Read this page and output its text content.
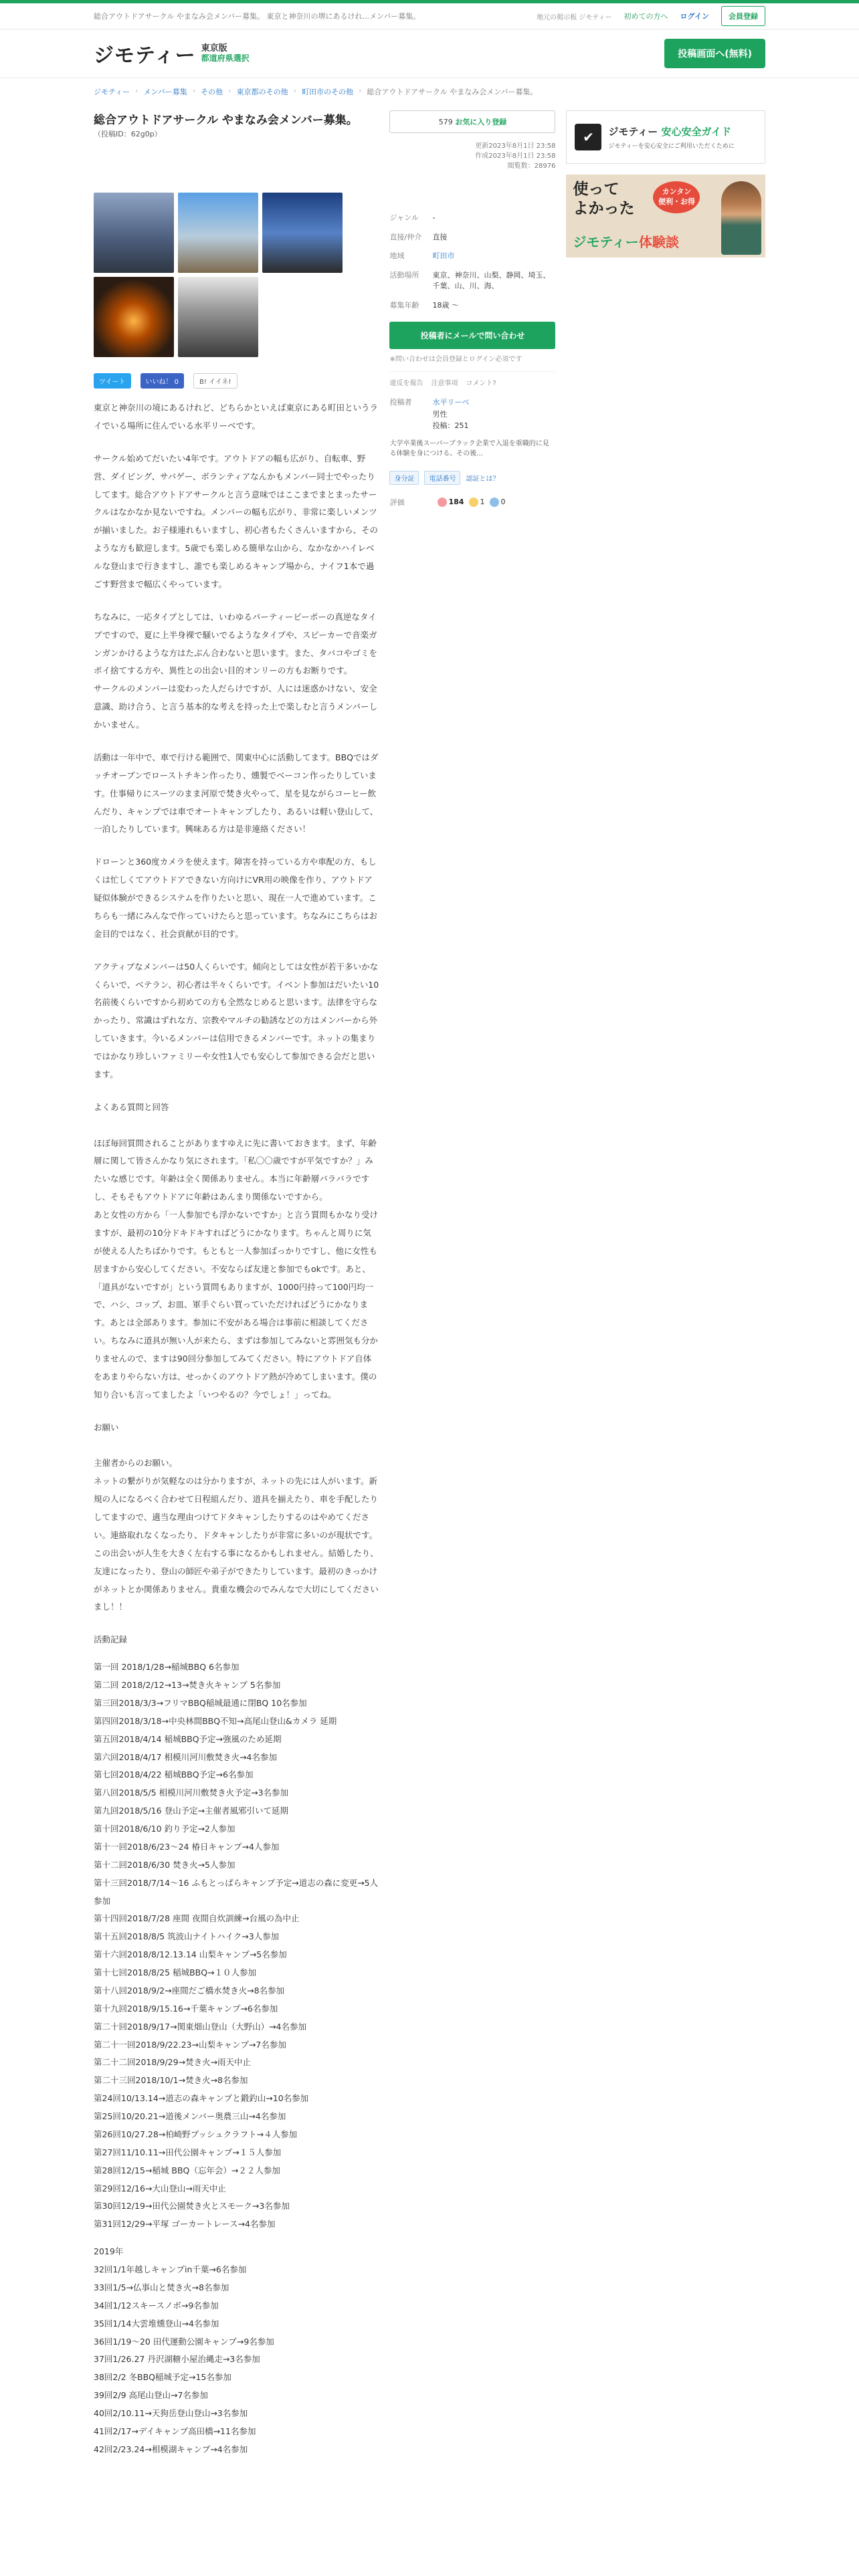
総合アウトドアサークル やまなみ会メンバー募集。 東京と神奈川の堺にあるけれ...メンバー募集。	地元の掲示板 ジモティー 初めての方へ ログイン	会員登録
ジモティー 東京版
都道府県選択	投稿画面へ(無料)
ジモティー › メンバー募集 › その他 › 東京都のその他 › 町田市のその他 › 総合アウトドアサークル やまなみ会メンバー募集。
総合アウトドアサークル やまなみ会メンバー募集。
（投稿ID：62g0p）
ツイート	いいね！ 0	B! イイネ!

東京と神奈川の境にあるけれど、どちらかといえば東京にある町田というライでいる場所に住んでいる水平リーベです。

サークル始めてだいたい4年です。アウトドアの幅も広がり、自転車、野営、ダイビング、サバゲー、ボランティアなんかもメンバー同士でやったりしてます。総合アウトドアサークルと言う意味ではここまでまとまったサークルはなかなか見ないですね。メンバーの幅も広がり、非常に楽しいメンツが揃いました。お子様連れもいますし、初心者もたくさんいますから、そのような方も歓迎します。5歳でも楽しめる簡単な山から、なかなかハイレベルな登山まで行きますし、誰でも楽しめるキャンプ場から、ナイフ1本で過ごす野営まで幅広くやっています。

ちなみに、一応タイプとしては、いわゆるパーティーピーポーの真逆なタイプですので、夏に上半身裸で騒いでるようなタイプや、スピーカーで音楽ガンガンかけるような方はたぶん合わないと思います。また、タバコやゴミをポイ捨てする方や、異性との出会い目的オンリーの方もお断りです。
サークルのメンバーは変わった人だらけですが、人には迷惑かけない、安全意識、助け合う、と言う基本的な考えを持った上で楽しむと言うメンバーしかいません。

活動は一年中で、車で行ける範囲で、関東中心に活動してます。BBQではダッチオーブンでローストチキン作ったり、燻製でベーコン作ったりしています。仕事帰りにスーツのまま河原で焚き火やって、星を見ながらコーヒー飲んだり、キャンプでは車でオートキャンプしたり、あるいは軽い登山して、一泊したりしています。興味ある方は是非連絡ください！

ドローンと360度カメラを使えます。障害を持っている方や車配の方、もしくは忙しくてアウトドアできない方向けにVR用の映像を作り、アウトドア疑似体験ができるシステムを作りたいと思い、現在一人で進めています。こちらも一緒にみんなで作っていけたらと思っています。ちなみにこちらはお金目的ではなく、社会貢献が目的です。

アクティブなメンバーは50人くらいです。傾向としては女性が若干多いかなくらいで、ベテラン、初心者は半々くらいです。イベント参加はだいたい10名前後くらいですから初めての方も全然なじめると思います。法律を守らなかったり、常識はずれな方、宗教やマルチの勧誘などの方はメンバーから外していきます。今いるメンバーは信用できるメンバーです。ネットの集まりではかなり珍しいファミリーや女性1人でも安心して参加できる会だと思います。

よくある質問と回答

ほぼ毎回質問されることがありますゆえに先に書いておきます。まず、年齢層に関して皆さんかなり気にされます。「私〇〇歳ですが平気ですか？」みたいな感じです。年齢は全く関係ありません。本当に年齢層バラバラですし、そもそもアウトドアに年齢はあんまり関係ないですから。
あと女性の方から「一人参加でも浮かないですか」と言う質問もかなり受けますが、最初の10分ドキドキすればどうにかなります。ちゃんと周りに気が使える人たちばかりです。もともと一人参加ばっかりですし、他に女性も居ますから安心してください。不安ならば友達と参加でもokです。あと、「道具がないですが」という質問もありますが、1000円持って100円均一で、ハシ、コップ、お皿、軍手ぐらい買っていただければどうにかなります。あとは全部あります。参加に不安がある場合は事前に相談してください。ちなみに道具が無い人が来たら、まずは参加してみないと雰囲気も分かりませんので、ますは90回分参加してみてください。特にアウトドア自体をあまりやらない方は、せっかくのアウトドア熱が冷めてしまいます。僕の知り合いも言ってましたよ「いつやるの？今でしょ！」ってね。

お願い

主催者からのお願い。
ネットの繋がりが気軽なのは分かりますが、ネットの先には人がいます。新規の人になるべく合わせて日程組んだり、道具を揃えたり、車を手配したりしてますので、適当な理由つけてドタキャンしたりするのはやめてください。連絡取れなくなったり、ドタキャンしたりが非常に多いのが現状です。この出会いが人生を大きく左右する事になるかもしれません。結婚したり、友達になったり、登山の師匠や弟子ができたりしています。最初のきっかけがネットとか関係ありません。貴重な機会のでみんなで大切にしてくださいまし！！

活動記録
第一回 2018/1/28→稲城BBQ 6名参加
第二回 2018/2/12→13→焚き火キャンプ 5名参加
第三回2018/3/3→フリマBBQ稲城最通に閉BQ 10名参加
第四回2018/3/18→中央林間BBQ不知→高尾山登山&カメラ 延期
第五回2018/4/14 稲城BBQ予定→強風のため延期
第六回2018/4/17 相模川河川敷焚き火→4名参加
第七回2018/4/22 稲城BBQ予定→6名参加
第八回2018/5/5 相模川河川敷焚き火予定→3名参加
第九回2018/5/16 登山予定→主催者風邪引いて延期
第十回2018/6/10 釣り予定→2人参加
第十一回2018/6/23〜24 椿日キャンプ→4人参加
第十二回2018/6/30 焚き火→5人参加
第十三回2018/7/14〜16 ふもとっぱらキャンプ予定→道志の森に変更→5人参加
第十四回2018/7/28 座間 夜間自炊訓練→台風の為中止
第十五回2018/8/5 筑波山ナイトハイク→3人参加
第十六回2018/8/12.13.14 山梨キャンプ→5名参加
第十七回2018/8/25 稲城BBQ→１０人参加
第十八回2018/9/2→座間だご橋水焚き火→8名参加
第十九回2018/9/15.16→千葉キャンプ→6名参加
第二十回2018/9/17→関東畑山登山（大野山）→4名参加
第二十一回2018/9/22.23→山梨キャンプ→7名参加
第二十二回2018/9/29→焚き火→雨天中止
第二十三回2018/10/1→焚き火→8名参加
第24回10/13.14→道志の森キャンプと鍛釣山→10名参加
第25回10/20.21→道後メンバー奥農三山→4名参加
第26回10/27.28→柏崎野プッシュクラフト→４人参加
第27回11/10.11→田代公園キャンプ→１５人参加
第28回12/15→稲城 BBQ（忘年会）→２２人参加
第29回12/16→大山登山→雨天中止
第30回12/19→田代公園焚き火とスモーク→3名参加
第31回12/29→平塚 ゴーカートレース→4名参加
2019年
32回1/1年越しキャンプin千葉→6名参加
33回1/5→仏事山と焚き火→8名参加
34回1/12スキースノボ→9名参加
35回1/14大雲堆燻登山→4名参加
36回1/19〜20 田代運動公園キャンプ→9名参加
37回1/26.27 丹沢湖糖小屋治縄走→3名参加
38回2/2 冬BBQ稲城予定→15名参加
39回2/9 高尾山登山→7名参加
40回2/10.11→天狗岳登山登山→3名参加
41回2/17→デイキャンプ高田橋→11名参加
42回2/23.24→相模湖キャンプ→4名参加
579 お気に入り登録
更新2023年8月1日 23:58
作成2023年8月1日 23:58
閲覧数：28976
ジャンル	-
直接/仲介	直接
地域	町田市
活動場所	東京、神奈川、山梨、静岡、埼玉、千葉、山、川、海、
募集年齢	18歳 〜
投稿者にメールで問い合わせ
※問い合わせは会員登録とログイン必須です
違反を報告 注意事項 コメント?
投稿者	水平リーベ
男性
投稿：251
大学卒業後スーパーブラック企業で入退を重職的に見る体験を身につける。その後...
身分証	電話番号	認証とは？
評価	184	1	0
✔	ジモティー 安心安全ガイド
ジモティーを安心安全にご利用いただくために
使って
よかった
カンタン
便利・お得
ジモティー体験談
